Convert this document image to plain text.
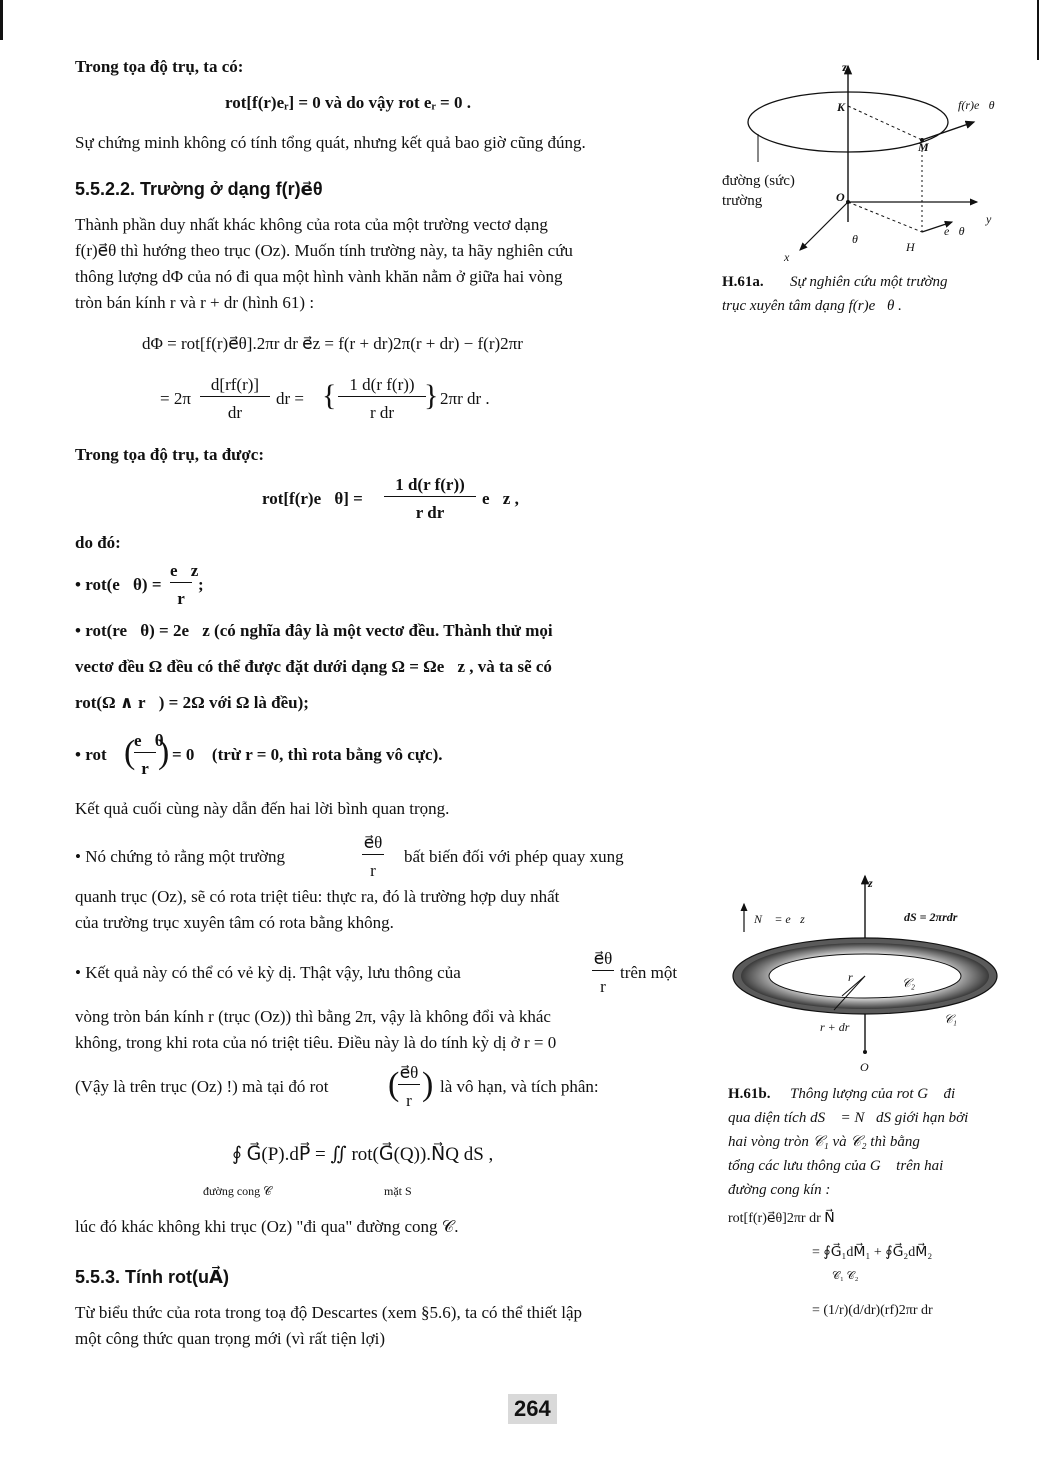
Trong tọa độ trụ, ta có:
rot[f(r)eᵣ] = 0 và do vậy rot eᵣ = 0 .
Sự chứng minh không có tính tổng quát, nhưng kết quả bao giờ cũng đúng.
5.5.2.2. Trường ở dạng f(r)e⃗θ
Thành phần duy nhất khác không của rota của một trường vectơ dạng
f(r)e⃗θ thì hướng theo trục (Oz). Muốn tính trường này, ta hãy nghiên cứu
thông lượng dΦ của nó đi qua một hình vành khăn nằm ở giữa hai vòng
tròn bán kính r và r + dr (hình 61) :
dΦ = rot[f(r)e⃗θ].2πr dr e⃗z = f(r + dr)2π(r + dr) − f(r)2πr
= 2π
d[rf(r)]
dr
dr = { 1 d(r f(r))
r dr
} 2πr dr .
Trong tọa độ trụ, ta được:
rot[f(r)e⃗θ] =
1 d(r f(r))
r dr
e⃗z ,
do đó:
• rot(e⃗θ) =
e⃗z
r
;
• rot(re⃗θ) = 2e⃗z (có nghĩa đây là một vectơ đều. Thành thử mọi
vectơ đều Ω đều có thể được đặt dưới dạng Ω = Ωe⃗z , và ta sẽ có
rot(Ω ∧ r⃗) = 2Ω với Ω là đều);
• rot (
e⃗θ
r ) = 0⃗ (trừ r = 0, thì rota bằng vô cực).
Kết quả cuối cùng này dẫn đến hai lời bình quan trọng.
• Nó chứng tỏ rằng một trường
e⃗θ
r
bất biến đối với phép quay xung
quanh trục (Oz), sẽ có rota triệt tiêu: thực ra, đó là trường hợp duy nhất
của trường trục xuyên tâm có rota bằng không.
• Kết quả này có thể có vẻ kỳ dị. Thật vậy, lưu thông của
e⃗θ
r
trên một
vòng tròn bán kính r (trục (Oz)) thì bằng 2π, vậy là không đổi và khác
không, trong khi rota của nó triệt tiêu. Điều này là do tính kỳ dị ở r = 0
(Vậy là trên trục (Oz) !) mà tại đó rot ( e⃗θ
r ) là vô hạn, và tích phân:
∮ G⃗(P).dP⃗ = ∬ rot(G⃗(Q)).N⃗Q dS ,
đường cong 𝒞	mặt S
lúc đó khác không khi trục (Oz) "đi qua" đường cong 𝒞.
5.5.3. Tính rot(uA⃗)
Từ biểu thức của rota trong toạ độ Descartes (xem §5.6), ta có thể thiết lập
một công thức quan trọng mới (vì rất tiện lợi)
264
z
K	f(r)e⃗θ
M
đường (sức)
trường	O
y
x
θ
H
e⃗θ
H.61a. Sự nghiên cứu một trường
trục xuyên tâm dạng f(r)e⃗θ .
z
N⃗ = e⃗z	dS = 2πrdr
r	𝒞₂
r + dr
𝒞₁
O
H.61b. Thông lượng của rot G⃗ đi
qua diện tích dS⃗ = N⃗dS giới hạn bởi
hai vòng tròn 𝒞₁ và 𝒞₂ thì bằng
tổng các lưu thông của G⃗ trên hai
đường cong kín :
rot[f(r)e⃗θ]2πr dr N⃗
= ∮G⃗₁dM⃗₁ + ∮G⃗₂dM⃗₂
𝒞₁ 𝒞₂
= (1/r)(d/dr)(rf)2πr dr
